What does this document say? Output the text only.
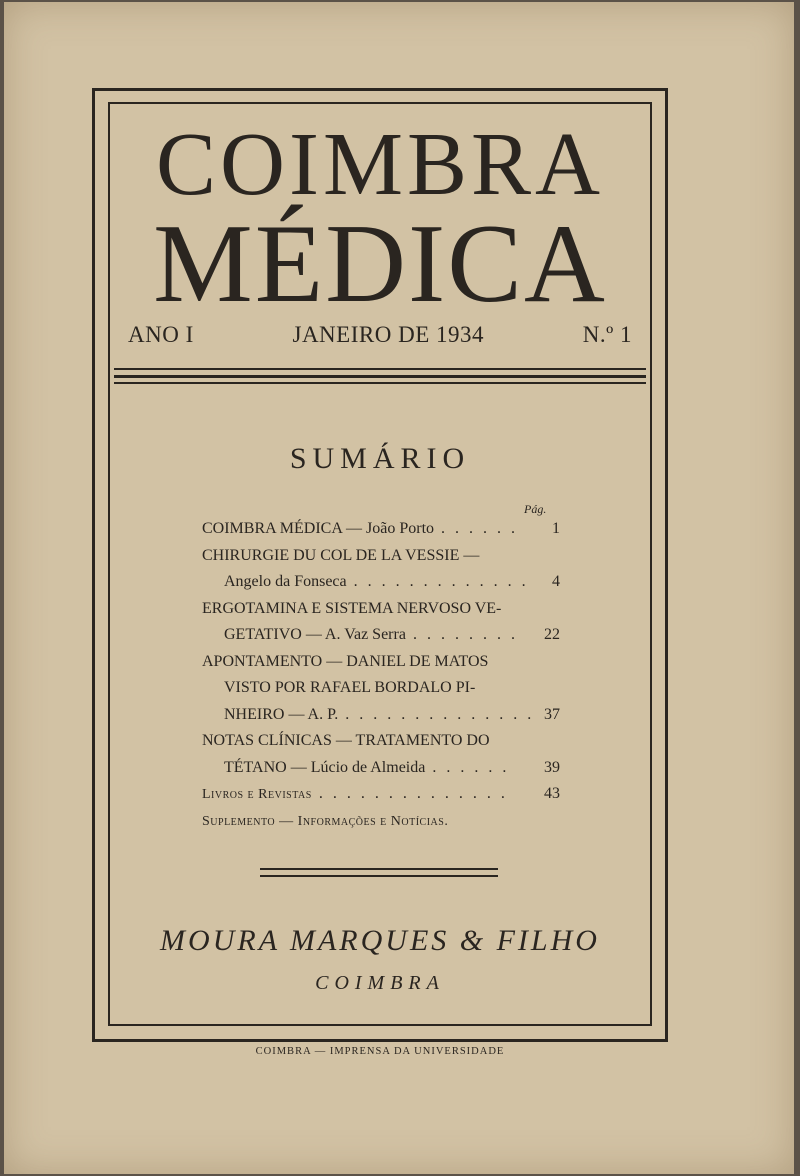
COIMBRA
MÉDICA
ANO I	JANEIRO DE 1934	N.º 1
SUMÁRIO
Pág.
COIMBRA MÉDICA — João Porto . . . . . . 1
CHIRURGIE DU COL DE LA VESSIE —
Angelo da Fonseca . . . . . . . . . . . . . 4
ERGOTAMINA E SISTEMA NERVOSO VE-
GETATIVO — A. Vaz Serra . . . . . . . . 22
APONTAMENTO — DANIEL DE MATOS
VISTO POR RAFAEL BORDALO PI-
NHEIRO — A. P. . . . . . . . . . . . . . . 37
NOTAS CLÍNICAS — TRATAMENTO DO
TÉTANO — Lúcio de Almeida . . . . . . 39
Livros e Revistas . . . . . . . . . . . . . . 43
Suplemento — Informações e Notícias.
MOURA MARQUES & FILHO
COIMBRA
COIMBRA — IMPRENSA DA UNIVERSIDADE
